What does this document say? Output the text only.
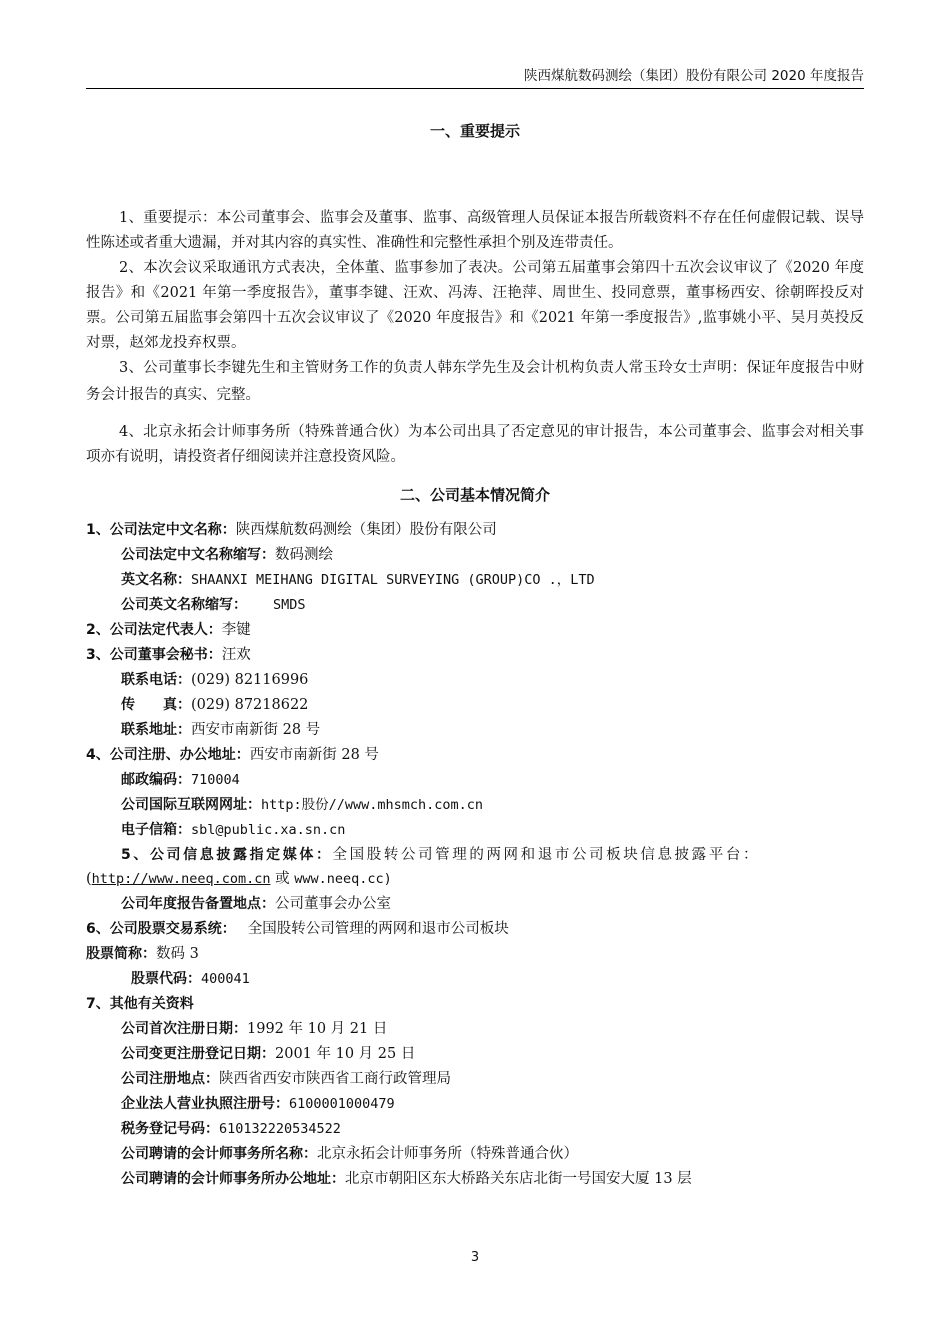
陕西煤航数码测绘（集团）股份有限公司 2020 年度报告
一、重要提示
1、重要提示：本公司董事会、监事会及董事、监事、高级管理人员保证本报告所载资料不存在任何虚假记载、误导性陈述或者重大遗漏，并对其内容的真实性、准确性和完整性承担个别及连带责任。
2、本次会议采取通讯方式表决，全体董、监事参加了表决。公司第五届董事会第四十五次会议审议了《2020 年度报告》和《2021 年第一季度报告》，董事李键、汪欢、冯涛、汪艳萍、周世生、投同意票，董事杨西安、徐朝晖投反对票。公司第五届监事会第四十五次会议审议了《2020 年度报告》和《2021 年第一季度报告》,监事姚小平、吴月英投反对票，赵郊龙投弃权票。
3、公司董事长李键先生和主管财务工作的负责人韩东学先生及会计机构负责人常玉玲女士声明：保证年度报告中财务会计报告的真实、完整。
4、北京永拓会计师事务所（特殊普通合伙）为本公司出具了否定意见的审计报告，本公司董事会、监事会对相关事项亦有说明，请投资者仔细阅读并注意投资风险。
二、公司基本情况简介
1、公司法定中文名称：陕西煤航数码测绘（集团）股份有限公司
公司法定中文名称缩写：数码测绘
英文名称：SHAANXI MEIHANG DIGITAL SURVEYING (GROUP)CO .，LTD
公司英文名称缩写： SMDS
2、公司法定代表人：李键
3、公司董事会秘书：汪欢
联系电话：(029) 82116996
传　　真：(029) 87218622
联系地址：西安市南新街 28 号
4、公司注册、办公地址：西安市南新街 28 号
邮政编码：710004
公司国际互联网网址：http:股份//www.mhsmch.com.cn
电子信箱：sbl@public.xa.sn.cn
5、公司信息披露指定媒体：全国股转公司管理的两网和退市公司板块信息披露平台：
(http://www.neeq.com.cn 或 www.neeq.cc)
公司年度报告备置地点：公司董事会办公室
6、公司股票交易系统： 全国股转公司管理的两网和退市公司板块
股票简称：数码 3
股票代码：400041
7、其他有关资料
公司首次注册日期：1992 年 10 月 21 日
公司变更注册登记日期：2001 年 10 月 25 日
公司注册地点：陕西省西安市陕西省工商行政管理局
企业法人营业执照注册号：6100001000479
税务登记号码：610132220534522
公司聘请的会计师事务所名称：北京永拓会计师事务所（特殊普通合伙）
公司聘请的会计师事务所办公地址：北京市朝阳区东大桥路关东店北街一号国安大厦 13 层
3
